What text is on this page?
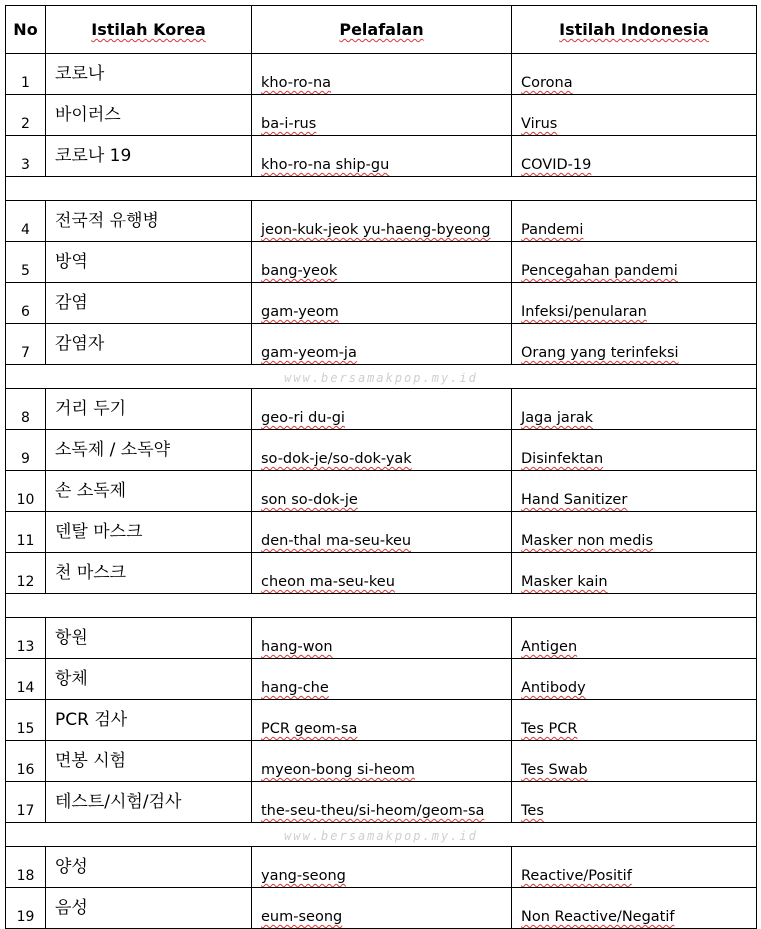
No	Istilah Korea	Pelafalan	Istilah Indonesia
1	코로나	kho-ro-na	Corona
2	바이러스	ba-i-rus	Virus
3	코로나 19	kho-ro-na ship-gu	COVID-19

4	전국적 유행병	jeon-kuk-jeok yu-haeng-byeong	Pandemi
5	방역	bang-yeok	Pencegahan pandemi
6	감염	gam-yeom	Infeksi/penularan
7	감염자	gam-yeom-ja	Orang yang terinfeksi
www.bersamakpop.my.id			
8	거리 두기	geo-ri du-gi	Jaga jarak
9	소독제 / 소독약	so-dok-je/so-dok-yak	Disinfektan
10	손 소독제	son so-dok-je	Hand Sanitizer
11	덴탈 마스크	den-thal ma-seu-keu	Masker non medis
12	천 마스크	cheon ma-seu-keu	Masker kain

13	항원	hang-won	Antigen
14	항체	hang-che	Antibody
15	PCR 검사	PCR geom-sa	Tes PCR
16	면봉 시험	myeon-bong si-heom	Tes Swab
17	테스트/시험/검사	the-seu-theu/si-heom/geom-sa	Tes
www.bersamakpop.my.id			
18	양성	yang-seong	Reactive/Positif
19	음성	eum-seong	Non Reactive/Negatif
